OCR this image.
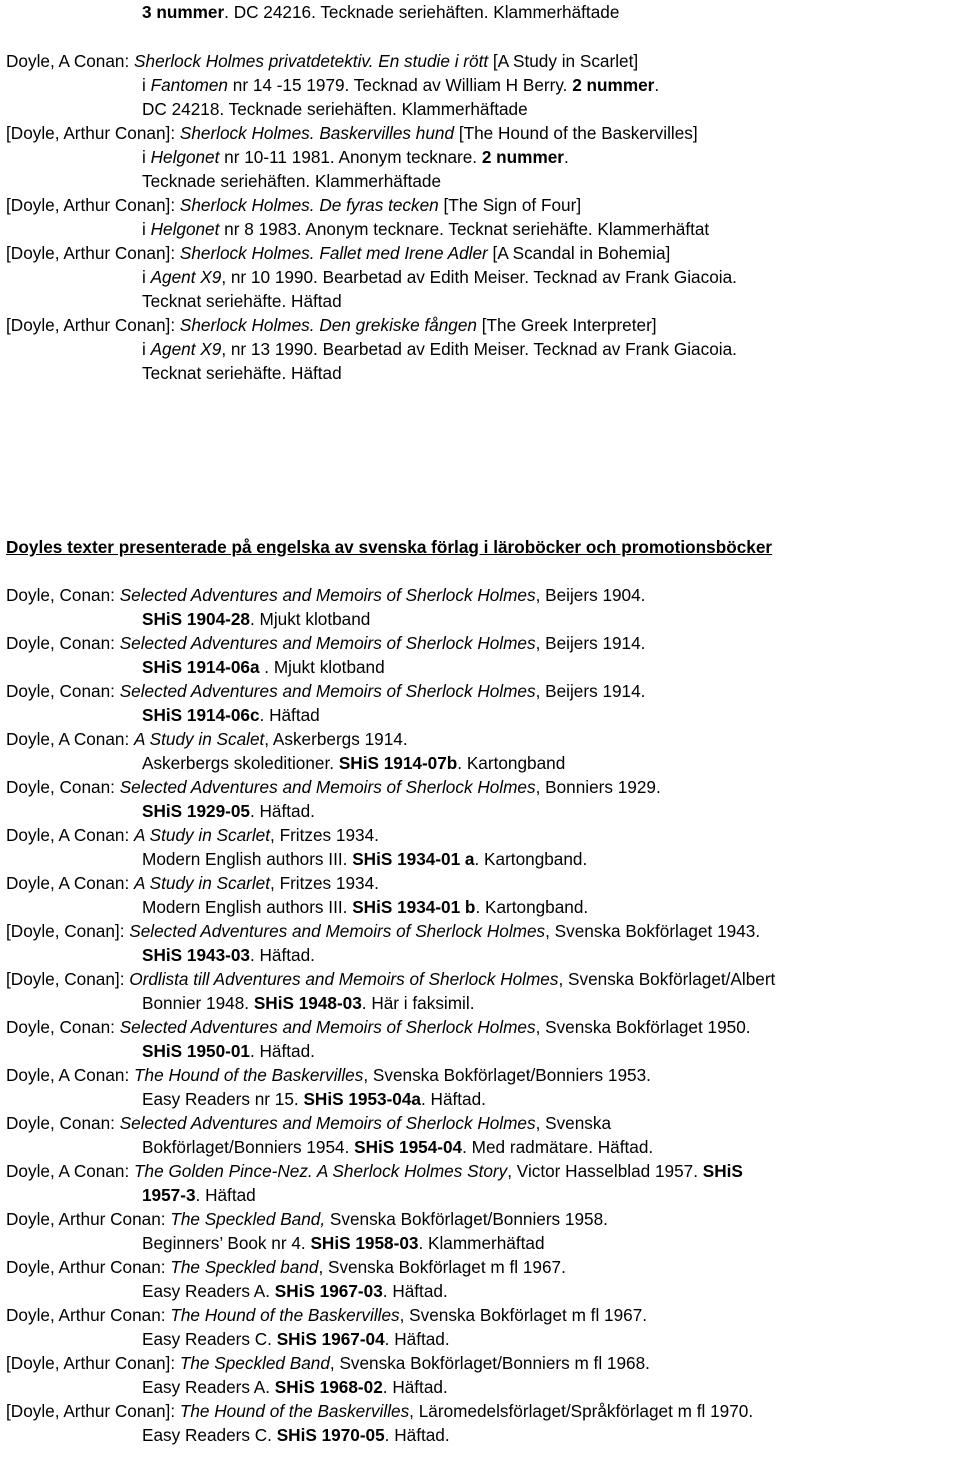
3 nummer. DC 24216. Tecknade seriehäften. Klammerhäftade
Doyle, A Conan: Sherlock Holmes privatdetektiv. En studie i rött [A Study in Scarlet]
i Fantomen nr 14 -15 1979. Tecknad av William H Berry. 2 nummer.
DC 24218. Tecknade seriehäften. Klammerhäftade
[Doyle, Arthur Conan]: Sherlock Holmes. Baskervilles hund [The Hound of the Baskervilles]
i Helgonet nr 10-11 1981. Anonym tecknare. 2 nummer.
Tecknade seriehäften. Klammerhäftade
[Doyle, Arthur Conan]: Sherlock Holmes. De fyras tecken [The Sign of Four]
i Helgonet nr 8 1983. Anonym tecknare. Tecknat seriehäfte. Klammerhäftat
[Doyle, Arthur Conan]: Sherlock Holmes. Fallet med Irene Adler [A Scandal in Bohemia]
i Agent X9, nr 10 1990. Bearbetad av Edith Meiser. Tecknad av Frank Giacoia.
Tecknat seriehäfte. Häftad
[Doyle, Arthur Conan]: Sherlock Holmes. Den grekiske fången [The Greek Interpreter]
i Agent X9, nr 13 1990. Bearbetad av Edith Meiser. Tecknad av Frank Giacoia.
Tecknat seriehäfte. Häftad
Doyles texter presenterade på engelska av svenska förlag i läroböcker och promotionsböcker
Doyle, Conan: Selected Adventures and Memoirs of Sherlock Holmes, Beijers 1904.
SHiS 1904-28. Mjukt klotband
Doyle, Conan: Selected Adventures and Memoirs of Sherlock Holmes, Beijers 1914.
SHiS 1914-06a . Mjukt klotband
Doyle, Conan: Selected Adventures and Memoirs of Sherlock Holmes, Beijers 1914.
SHiS 1914-06c. Häftad
Doyle, A Conan: A Study in Scalet, Askerbergs 1914.
Askerbergs skoleditioner. SHiS 1914-07b. Kartongband
Doyle, Conan: Selected Adventures and Memoirs of Sherlock Holmes, Bonniers 1929.
SHiS 1929-05. Häftad.
Doyle, A Conan: A Study in Scarlet, Fritzes 1934.
Modern English authors III. SHiS 1934-01 a. Kartongband.
Doyle, A Conan: A Study in Scarlet, Fritzes 1934.
Modern English authors III. SHiS 1934-01 b. Kartongband.
[Doyle, Conan]: Selected Adventures and Memoirs of Sherlock Holmes, Svenska Bokförlaget 1943.
SHiS 1943-03. Häftad.
[Doyle, Conan]: Ordlista till Adventures and Memoirs of Sherlock Holmes, Svenska Bokförlaget/Albert
Bonnier 1948. SHiS 1948-03. Här i faksimil.
Doyle, Conan: Selected Adventures and Memoirs of Sherlock Holmes, Svenska Bokförlaget 1950.
SHiS 1950-01. Häftad.
Doyle, A Conan: The Hound of the Baskervilles, Svenska Bokförlaget/Bonniers 1953.
Easy Readers nr 15. SHiS 1953-04a. Häftad.
Doyle, Conan: Selected Adventures and Memoirs of Sherlock Holmes, Svenska
Bokförlaget/Bonniers 1954. SHiS 1954-04. Med radmätare. Häftad.
Doyle, A Conan: The Golden Pince-Nez. A Sherlock Holmes Story, Victor Hasselblad 1957. SHiS
1957-3. Häftad
Doyle, Arthur Conan: The Speckled Band, Svenska Bokförlaget/Bonniers 1958.
Beginners’ Book nr 4. SHiS 1958-03. Klammerhäftad
Doyle, Arthur Conan: The Speckled band, Svenska Bokförlaget m fl 1967.
Easy Readers A. SHiS 1967-03. Häftad.
Doyle, Arthur Conan: The Hound of the Baskervilles, Svenska Bokförlaget m fl 1967.
Easy Readers C. SHiS 1967-04. Häftad.
[Doyle, Arthur Conan]: The Speckled Band, Svenska Bokförlaget/Bonniers m fl 1968.
Easy Readers A. SHiS 1968-02. Häftad.
[Doyle, Arthur Conan]: The Hound of the Baskervilles, Läromedelsförlaget/Språkförlaget m fl 1970.
Easy Readers C. SHiS 1970-05. Häftad.
